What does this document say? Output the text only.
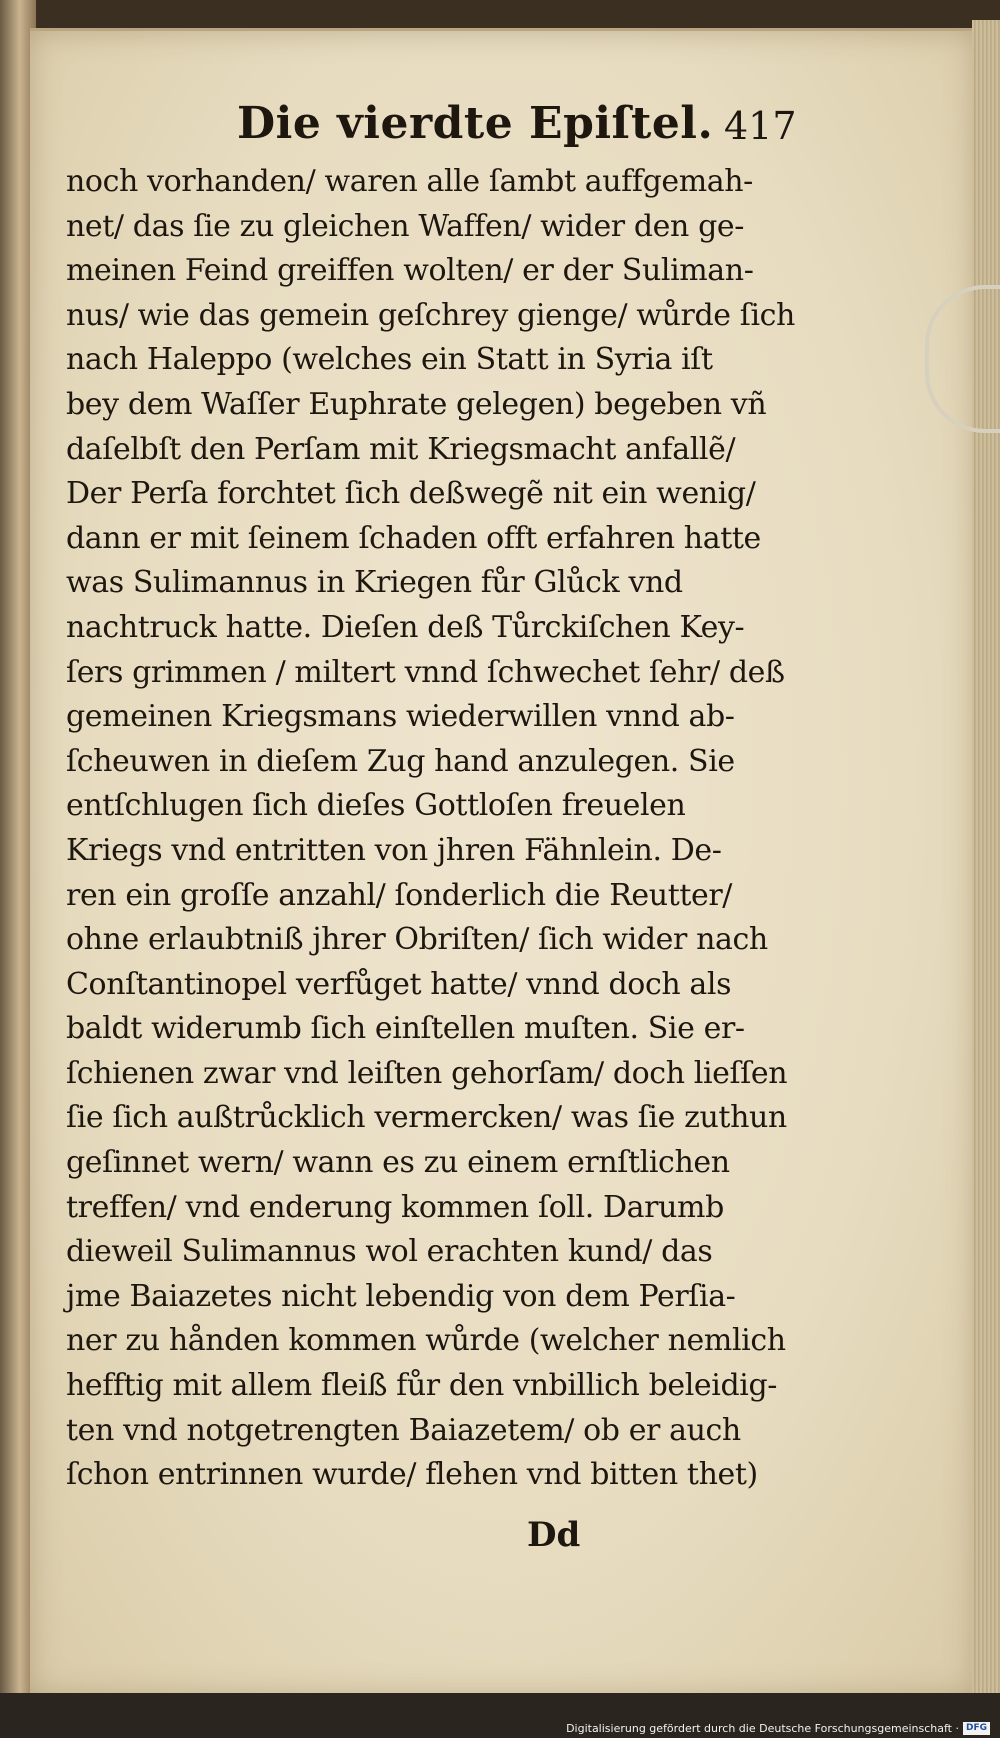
Die vierdte Epiſtel. 417
noch vorhanden/ waren alle ſambt auffgemah-
net/ das ſie zu gleichen Waffen/ wider den ge-
meinen Feind greiffen wolten/ er der Suliman-
nus/ wie das gemein geſchrey gienge/ wůrde ſich
nach Haleppo (welches ein Statt in Syria iſt
bey dem Waſſer Euphrate gelegen) begeben vñ
daſelbſt den Perſam mit Kriegsmacht anfallẽ/
Der Perſa forchtet ſich deßwegẽ nit ein wenig/
dann er mit ſeinem ſchaden offt erfahren hatte
was Sulimannus in Kriegen fůr Glůck vnd
nachtruck hatte. Dieſen deß Tůrckiſchen Key-
ſers grimmen / miltert vnnd ſchwechet ſehr/ deß
gemeinen Kriegsmans wiederwillen vnnd ab-
ſcheuwen in dieſem Zug hand anzulegen. Sie
entſchlugen ſich dieſes Gottloſen freuelen
Kriegs vnd entritten von jhren Fähnlein. De-
ren ein groſſe anzahl/ ſonderlich die Reutter/
ohne erlaubtniß jhrer Obriſten/ ſich wider nach
Conſtantinopel verfůget hatte/ vnnd doch als
baldt widerumb ſich einſtellen muſten. Sie er-
ſchienen zwar vnd leiſten gehorſam/ doch lieſſen
ſie ſich außtrůcklich vermercken/ was ſie zuthun
geſinnet wern/ wann es zu einem ernſtlichen
treffen/ vnd enderung kommen ſoll. Darumb
dieweil Sulimannus wol erachten kund/ das
jme Baiazetes nicht lebendig von dem Perſia-
ner zu hånden kommen wůrde (welcher nemlich
hefftig mit allem fleiß fůr den vnbillich beleidig-
ten vnd notgetrengten Baiazetem/ ob er auch
ſchon entrinnen wurde/ flehen vnd bitten thet)
Dd
Digitalisierung gefördert durch die Deutsche Forschungsgemeinschaft · DFG
